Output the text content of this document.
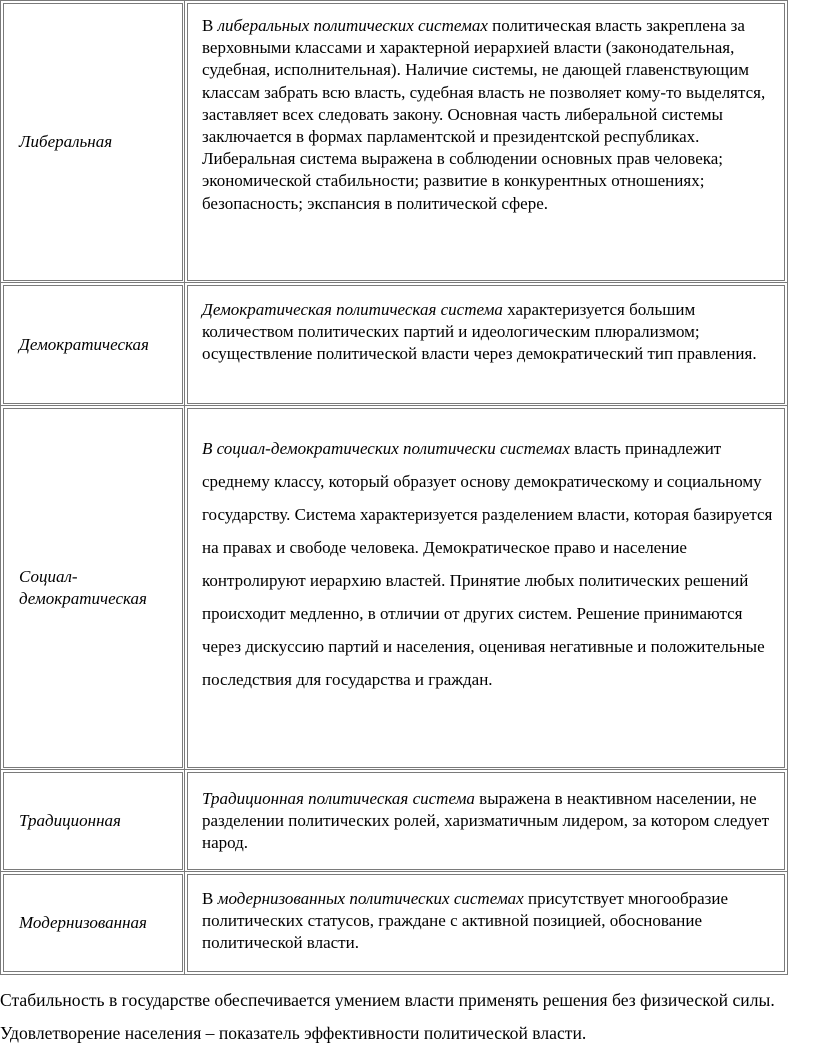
Либеральная
В либеральных политических системах политическая власть закреплена за верховными классами и характерной иерархией власти (законодательная, судебная, исполнительная). Наличие системы, не дающей главенствующим классам забрать всю власть, судебная власть не позволяет кому-то выделятся, заставляет всех следовать закону. Основная часть либеральной системы заключается в формах парламентской и президентской республиках. Либеральная система выражена в соблюдении основных прав человека; экономической стабильности; развитие в конкурентных отношениях; безопасность; экспансия в политической сфере.
Демократическая
Демократическая политическая система характеризуется большим количеством политических партий и идеологическим плюрализмом; осуществление политической власти через демократический тип правления.
Социал-демократическая
В социал-демократических политически системах власть принадлежит среднему классу, который образует основу демократическому и социальному государству. Система характеризуется разделением власти, которая базируется на правах и свободе человека. Демократическое право и население контролируют иерархию властей. Принятие любых политических решений происходит медленно, в отличии от других систем. Решение принимаются через дискуссию партий и населения, оценивая негативные и положительные последствия для государства и граждан.
Традиционная
Традиционная политическая система выражена в неактивном населении, не разделении политических ролей, харизматичным лидером, за котором следует народ.
Модернизованная
В модернизованных политических системах присутствует многообразие политических статусов, граждане с активной позицией, обоснование политической власти.
Стабильность в государстве обеспечивается умением власти применять решения без физической силы. Удовлетворение населения – показатель эффективности политической власти.
